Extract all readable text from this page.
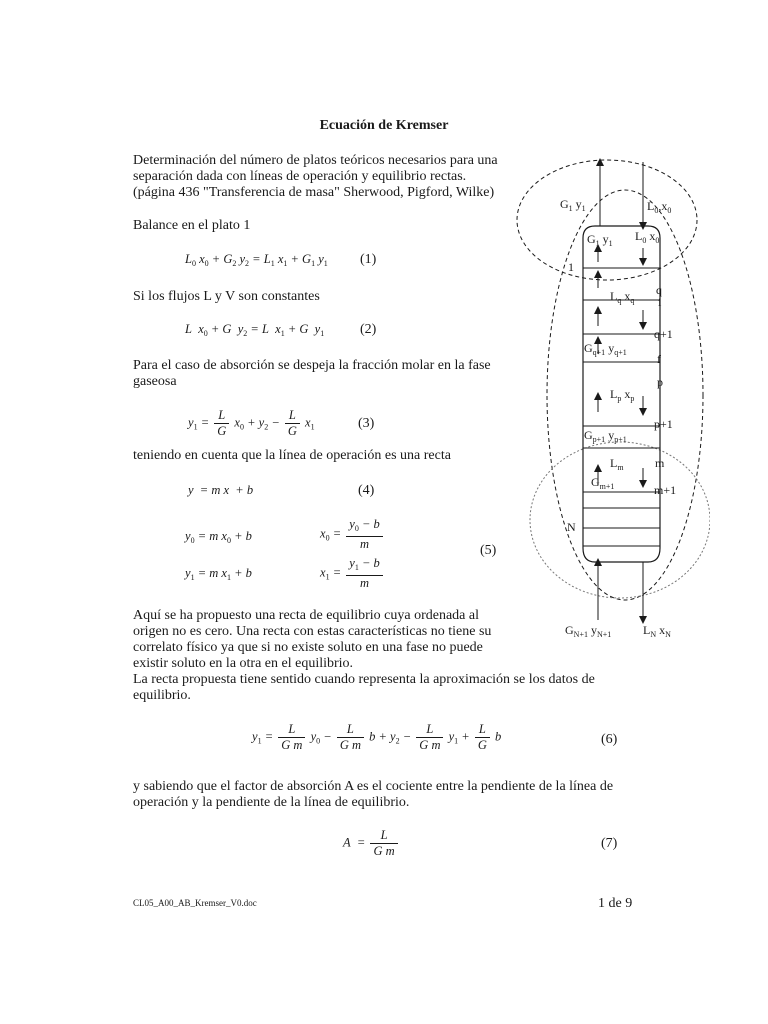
Ecuación de Kremser

Determinación del número de platos teóricos necesarios para una

separación dada con líneas de operación y equilibrio rectas.

(página 436 "Transferencia de masa" Sherwood, Pigford, Wilke)

Balance en el plato 1
$L_0$ $x_0 + G_2$ $y_2 = L_1$ $x_1 + G_1$ $y_1$ (1)
Si los flujos L y V son constantes
L  $x_0 + G$  $y_2 = L$  $x_1 + G$  $y_1$	(2)

Para el caso de absorción se despeja la fracción molar en la fase

gaseosa

$y_1 = \frac{L}{G} x_0 + y_2 - \frac{L}{G} x_1$	(3)
teniendo en cuenta que la línea de operación es una recta
y  = m x  + b	(4)
$y_0 = m$ $x_0 + b$	$x_0 = \frac{y_0 - b}{m}$
$y_1 = m$ $x_1 + b$	$x_1 = \frac{y_1 - b}{m}$
(5)

Aquí se ha propuesto una recta de equilibrio cuya ordenada al

origen no es cero. Una recta con estas características no tiene su

correlato físico ya que si no existe soluto en una fase no puede

existir soluto en la otra en el equilibrio.

La recta propuesta tiene sentido cuando representa la aproximación se los datos de

equilibrio.

$y_1 = \frac{L}{\text{G m}} y_0 - \frac{L}{\text{G m}}$ $b + y_2 - \frac{L}{\text{G m}} y_1 + \frac{L}{G}$ b	(6)

y sabiendo que el factor de absorción A es el cociente entre la pendiente de la línea de

operación y la pendiente de la línea de equilibrio.

$A = \frac{L}{\text{G m}}$	(7)
CL05_A00_AB_Kremser_V0.doc	1 de 9
$G_1$ $y_1$	$L_0,x_0$
$G_1$ $y_1$
$L_0$ $x_0$
1
$L_q$ $x_q$
q
i
q+1
$G_{q+1}$ $y_{q+1}$	f
p
$L_p$ $x_p$
p+1
$G_{p+1}$ $y_{p+1}$
$L_m$	m
$G_{m+1}$	m+1
N
$G_{N+1}$ $y_{N+1}$	$L_N$ $x_N$
